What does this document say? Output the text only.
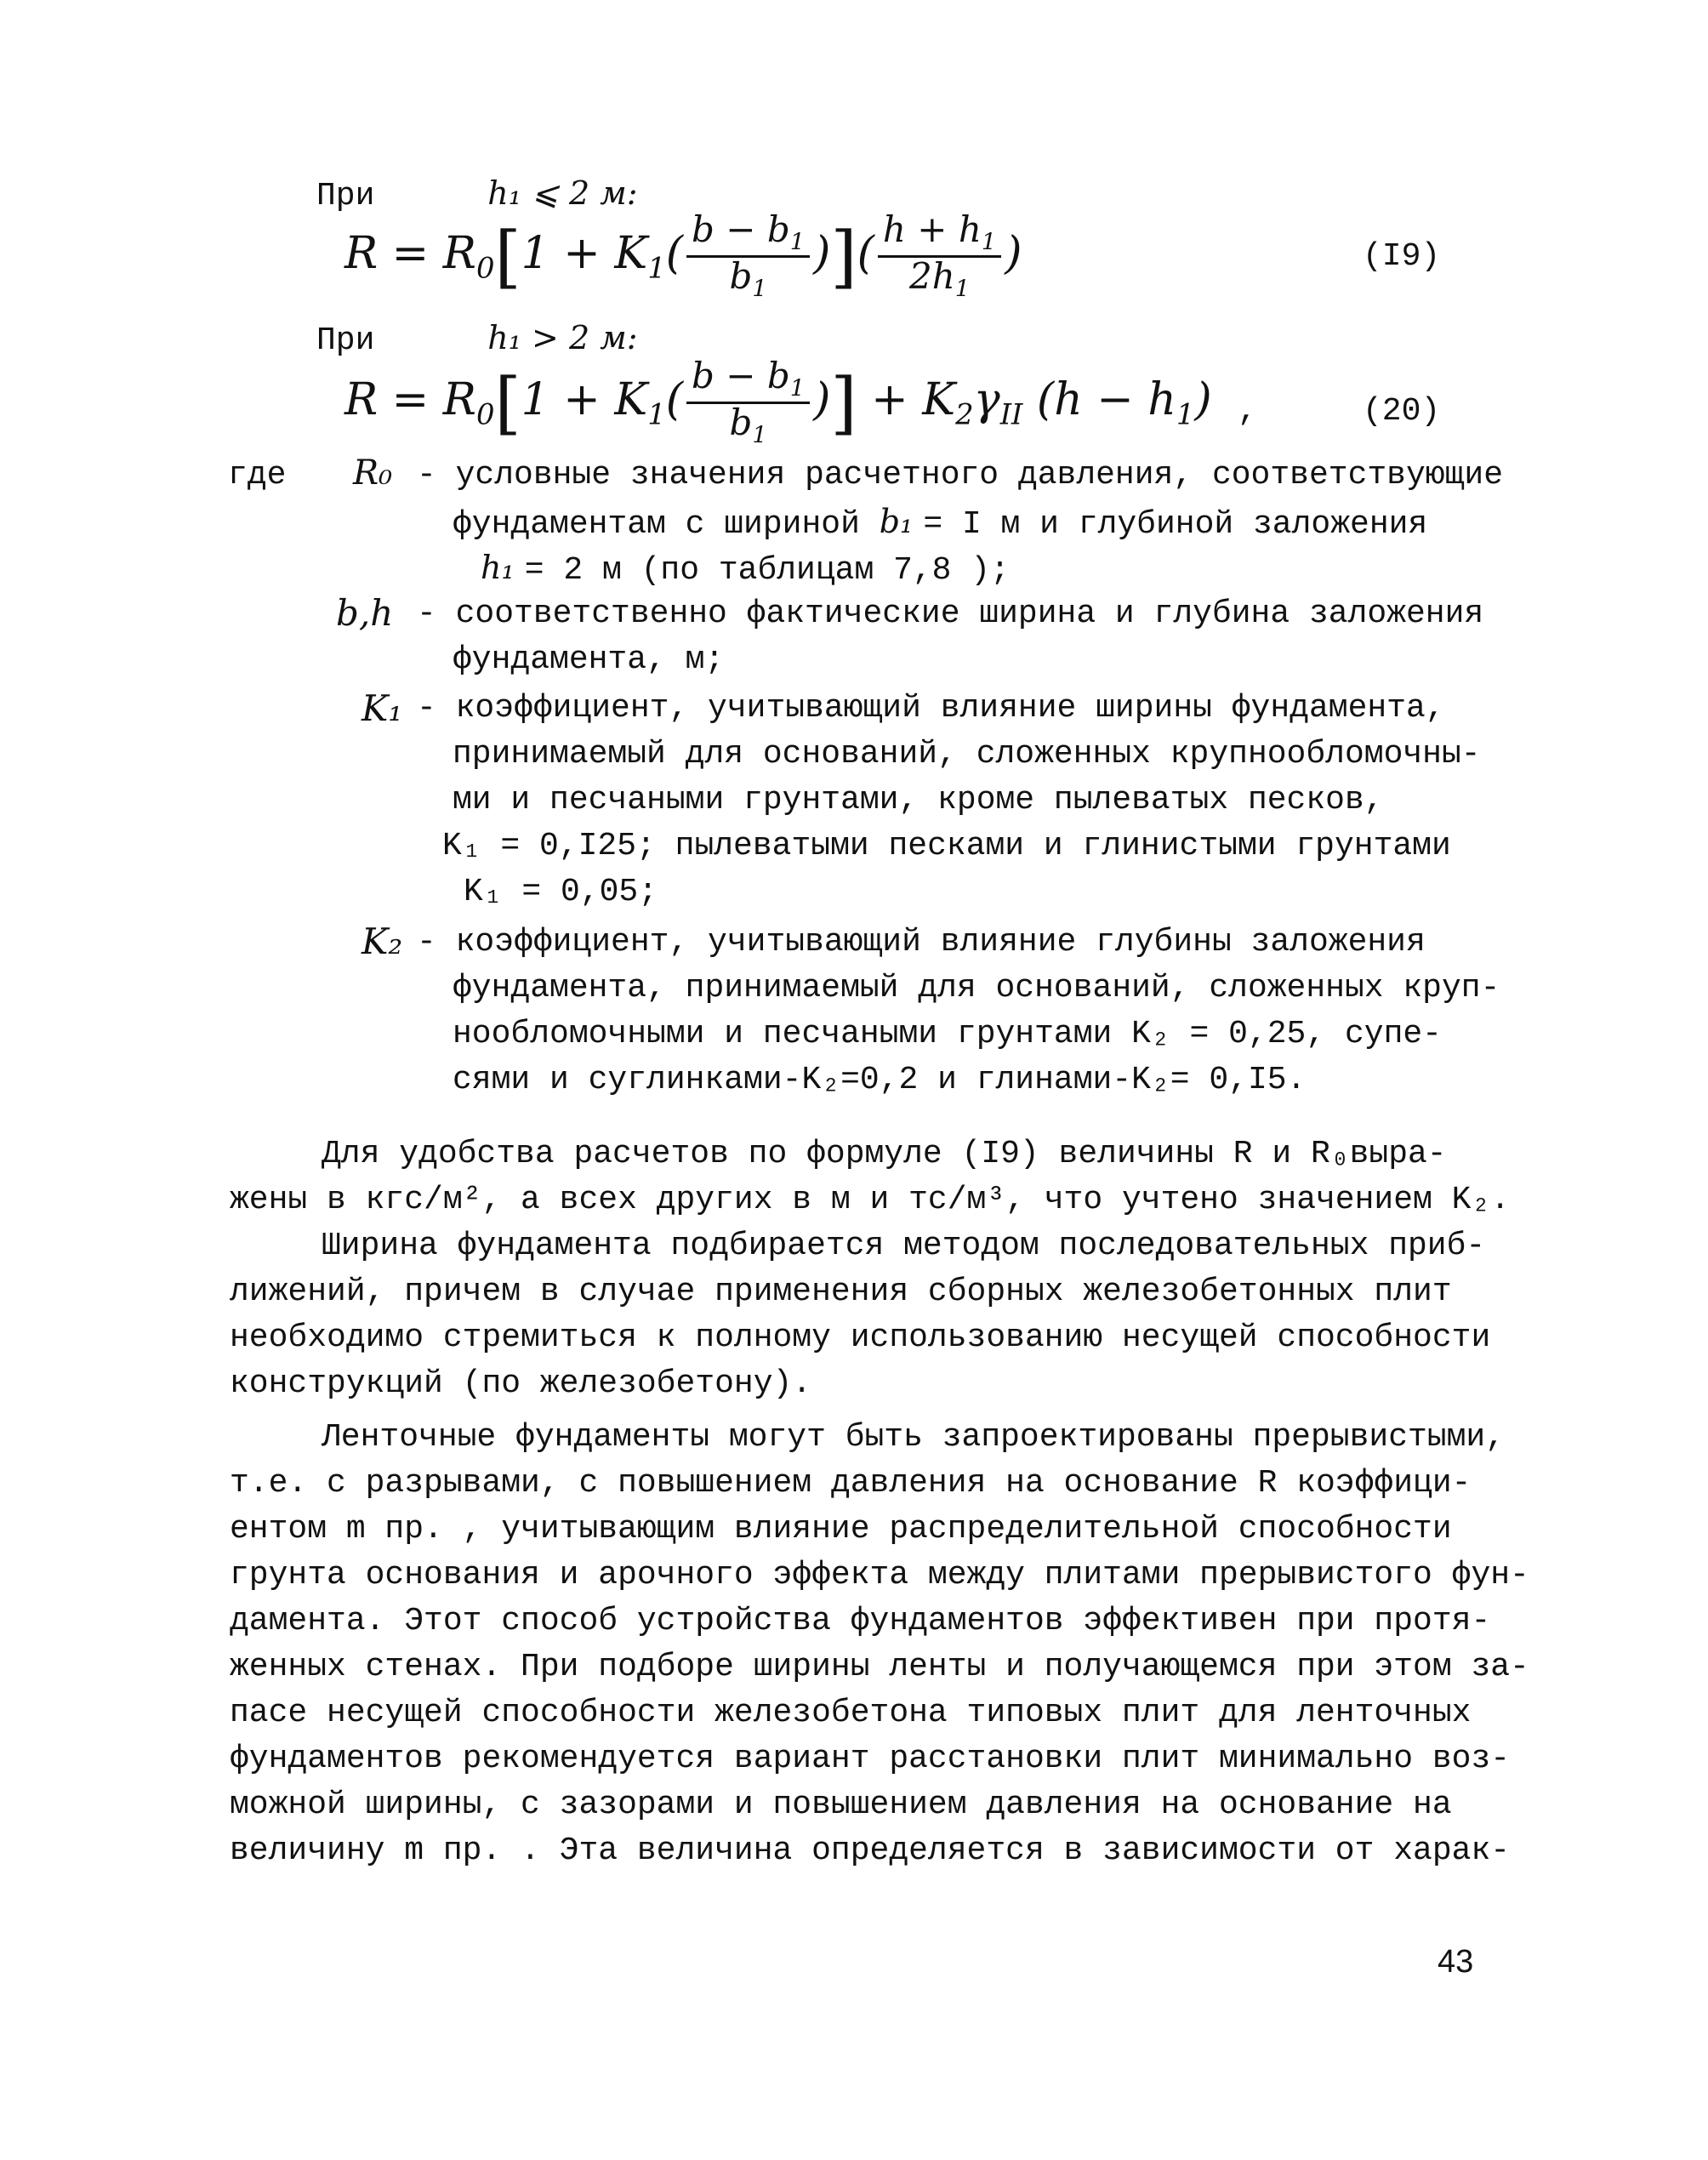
При	h₁ ⩽ 2 м:
$R = R_0[1 + K_1( \frac{b - b_1}{b_1}$ )]( $\frac{h + h_1}{2h_1}$ )	(I9)
При	h₁ > 2 м:
$R = R_0[1 + K_1( \frac{b - b_1}{b_1}$ )] + $K_2\gamma_{II}$ $(h - h_1)$ ,	(20)
где R₀ - условные значения расчетного давления, соответствующие
фундаментам с шириной b₁ = I м и глубиной заложения
h₁ = 2 м (по таблицам 7,8 );
b,h - соответственно фактические ширина и глубина заложения
фундамента, м;
K₁ - коэффициент, учитывающий влияние ширины фундамента,
принимаемый для оснований, сложенных крупнообломочны-
ми и песчаными грунтами, кроме пылеватых песков,
K₁ = 0,I25; пылеватыми песками и глинистыми грунтами
K₁ = 0,05;
K₂ - коэффициент, учитывающий влияние глубины заложения
фундамента, принимаемый для оснований, сложенных круп-
нообломочными и песчаными грунтами K₂ = 0,25, супе-
сями и суглинками-K₂=0,2 и глинами-K₂= 0,I5.
Для удобства расчетов по формуле (I9) величины R и R₀выра-
жены в кгс/м², а всех других в м и тс/м³, что учтено значением K₂.
Ширина фундамента подбирается методом последовательных приб-
лижений, причем в случае применения сборных железобетонных плит
необходимо стремиться к полному использованию несущей способности
конструкций (по железобетону).
Ленточные фундаменты могут быть запроектированы прерывистыми,
т.е. с разрывами, с повышением давления на основание R коэффици-
ентом m пр. , учитывающим влияние распределительной способности
грунта основания и арочного эффекта между плитами прерывистого фун-
дамента. Этот способ устройства фундаментов эффективен при протя-
женных стенах. При подборе ширины ленты и получающемся при этом за-
пасе несущей способности железобетона типовых плит для ленточных
фундаментов рекомендуется вариант расстановки плит минимально воз-
можной ширины, с зазорами и повышением давления на основание на
величину m пр. . Эта величина определяется в зависимости от харак-
43
